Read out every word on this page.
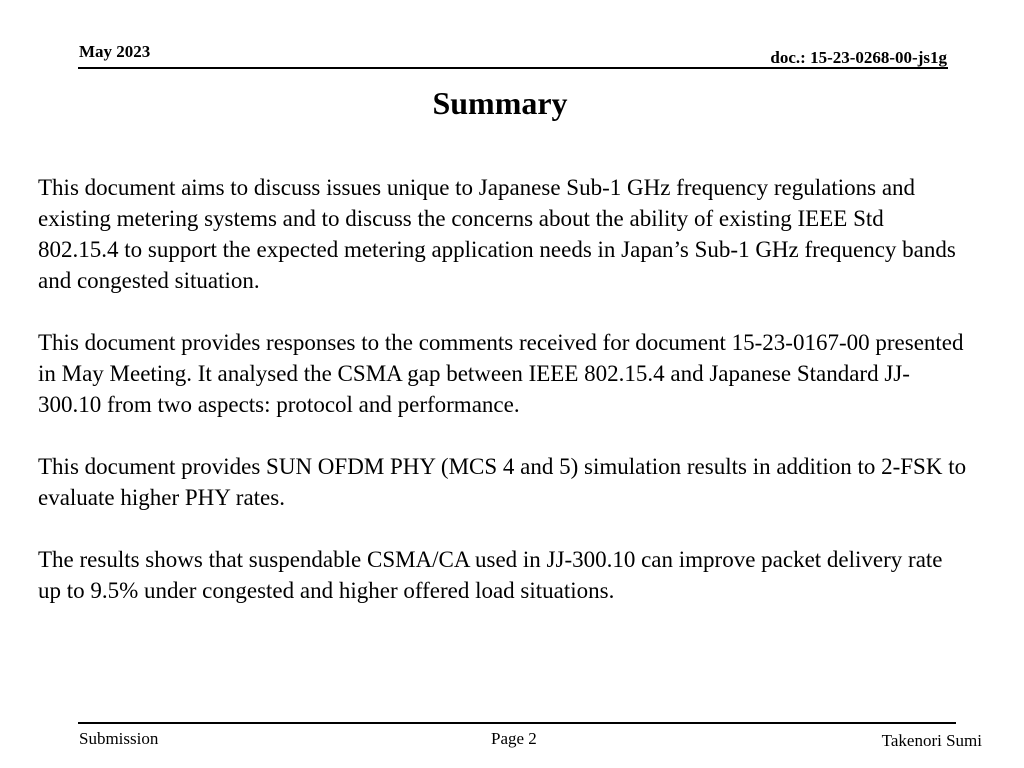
May 2023	doc.: 15-23-0268-00-js1g
Summary

This document aims to discuss issues unique to Japanese Sub-1 GHz frequency regulations and existing metering systems and to discuss the concerns about the ability of existing IEEE Std 802.15.4 to support the expected metering application needs in Japan’s Sub-1 GHz frequency bands and congested situation.

This document provides responses to the comments received for document 15-23-0167-00 presented in May Meeting. It analysed the CSMA gap between IEEE 802.15.4 and Japanese Standard JJ-300.10 from two aspects: protocol and performance.

This document provides SUN OFDM PHY (MCS 4 and 5) simulation results in addition to 2-FSK to evaluate higher PHY rates.

The results shows that suspendable CSMA/CA used in JJ-300.10 can improve packet delivery rate up to 9.5% under congested and higher offered load situations.

Submission	Page 2	Takenori Sumi
